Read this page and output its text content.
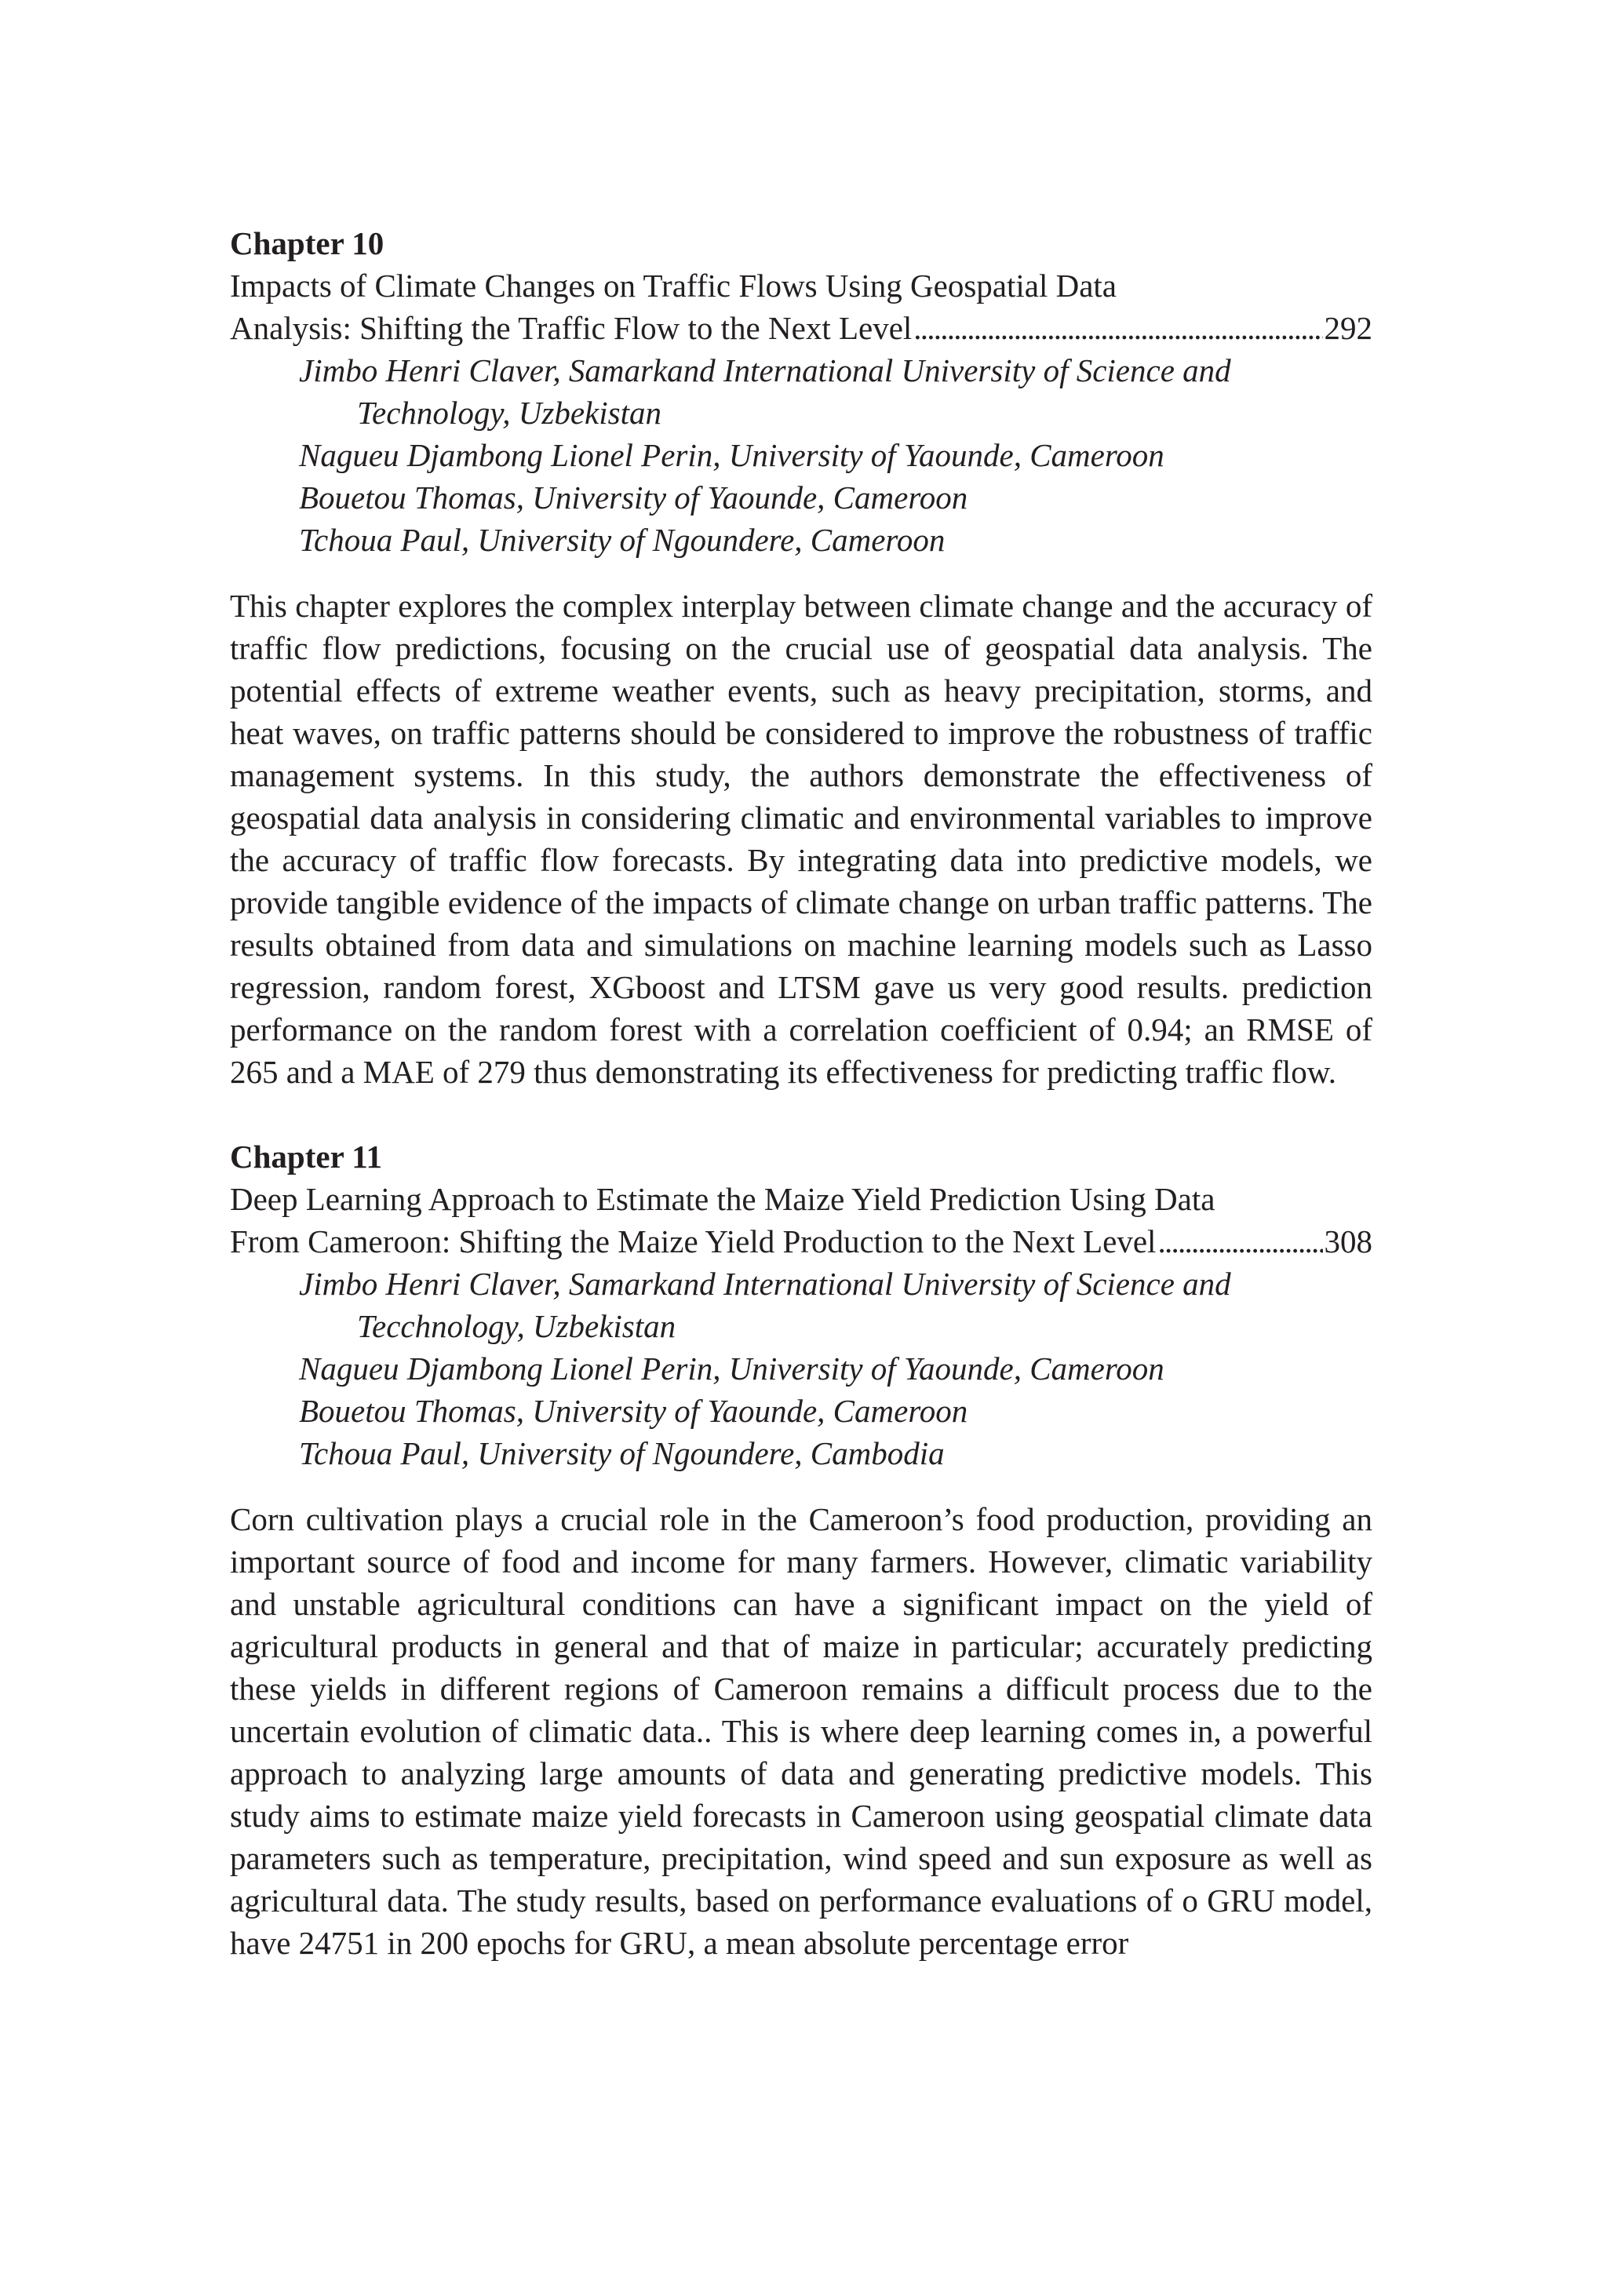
Chapter 10

Impacts of Climate Changes on Traffic Flows Using Geospatial Data
Analysis: Shifting the Traffic Flow to the Next Level . . .	292
Jimbo Henri Claver, Samarkand International University of Science and Technology, Uzbekistan
Nagueu Djambong Lionel Perin, University of Yaounde, Cameroon
Bouetou Thomas, University of Yaounde, Cameroon
Tchoua Paul, University of Ngoundere, Cameroon

This chapter explores the complex interplay between climate change and the accuracy of traffic flow predictions, focusing on the crucial use of geospatial data analysis. The potential effects of extreme weather events, such as heavy precipitation, storms, and heat waves, on traffic patterns should be considered to improve the robustness of traffic management systems. In this study, the authors demonstrate the effectiveness of geospatial data analysis in considering climatic and environmental variables to improve the accuracy of traffic flow forecasts. By integrating data into predictive models, we provide tangible evidence of the impacts of climate change on urban traffic patterns. The results obtained from data and simulations on machine learning models such as Lasso regression, random forest, XGboost and LTSM gave us very good results. prediction performance on the random forest with a correlation coefficient of 0.94; an RMSE of 265 and a MAE of 279 thus demonstrating its effectiveness for predicting traffic flow.

Chapter 11

Deep Learning Approach to Estimate the Maize Yield Prediction Using Data
From Cameroon: Shifting the Maize Yield Production to the Next Level . . .	308
Jimbo Henri Claver, Samarkand International University of Science and Tecchnology, Uzbekistan
Nagueu Djambong Lionel Perin, University of Yaounde, Cameroon
Bouetou Thomas, University of Yaounde, Cameroon
Tchoua Paul, University of Ngoundere, Cambodia

Corn cultivation plays a crucial role in the Cameroon’s food production, providing an important source of food and income for many farmers. However, climatic variability and unstable agricultural conditions can have a significant impact on the yield of agricultural products in general and that of maize in particular; accurately predicting these yields in different regions of Cameroon remains a difficult process due to the uncertain evolution of climatic data.. This is where deep learning comes in, a powerful approach to analyzing large amounts of data and generating predictive models. This study aims to estimate maize yield forecasts in Cameroon using geospatial climate data parameters such as temperature, precipitation, wind speed and sun exposure as well as agricultural data. The study results, based on performance evaluations of o GRU model, have 24751 in 200 epochs for GRU, a mean absolute percentage error
